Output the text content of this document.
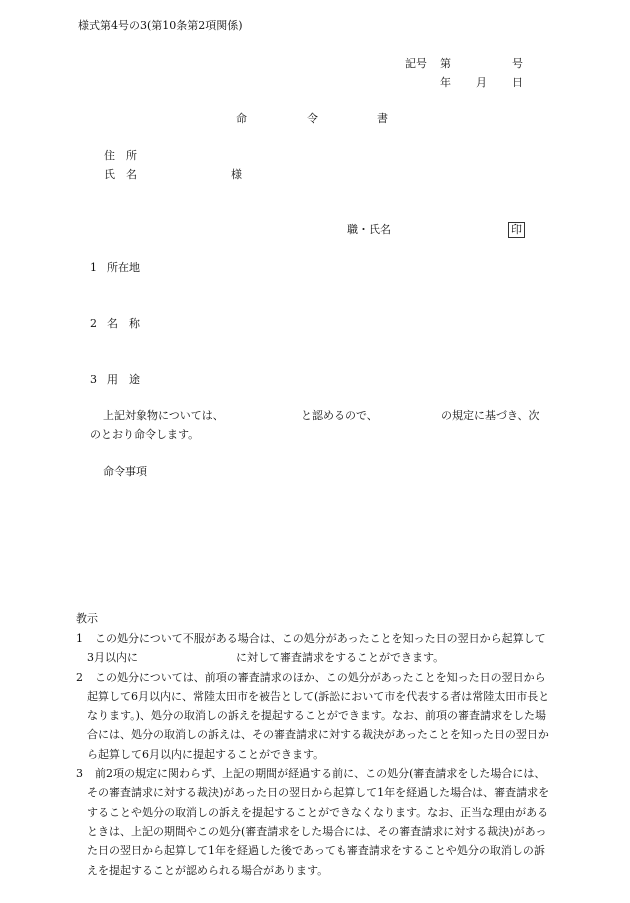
様式第4号の3(第10条第2項関係)
記号 第	号
年 月 日
命	令	書
住　所
氏　名	様
職・氏名	印
1 所在地
2 名　称
3 用　途
上記対象物については、	と認めるので、	の規定に基づき、次
のとおり命令します。
命令事項
教示
1 この処分について不服がある場合は、この処分があったことを知った日の翌日から起算して3月以内に	に対して審査請求をすることができます。
2 この処分については、前項の審査請求のほか、この処分があったことを知った日の翌日から起算して6月以内に、常陸太田市を被告として(訴訟において市を代表する者は常陸太田市長となります。)、処分の取消しの訴えを提起することができます。なお、前項の審査請求をした場合には、処分の取消しの訴えは、その審査請求に対する裁決があったことを知った日の翌日から起算して6月以内に提起することができます。
3 前2項の規定に関わらず、上記の期間が経過する前に、この処分(審査請求をした場合には、その審査請求に対する裁決)があった日の翌日から起算して1年を経過した場合は、審査請求をすることや処分の取消しの訴えを提起することができなくなります。なお、正当な理由があるときは、上記の期間やこの処分(審査請求をした場合には、その審査請求に対する裁決)があった日の翌日から起算して1年を経過した後であっても審査請求をすることや処分の取消しの訴えを提起することが認められる場合があります。
